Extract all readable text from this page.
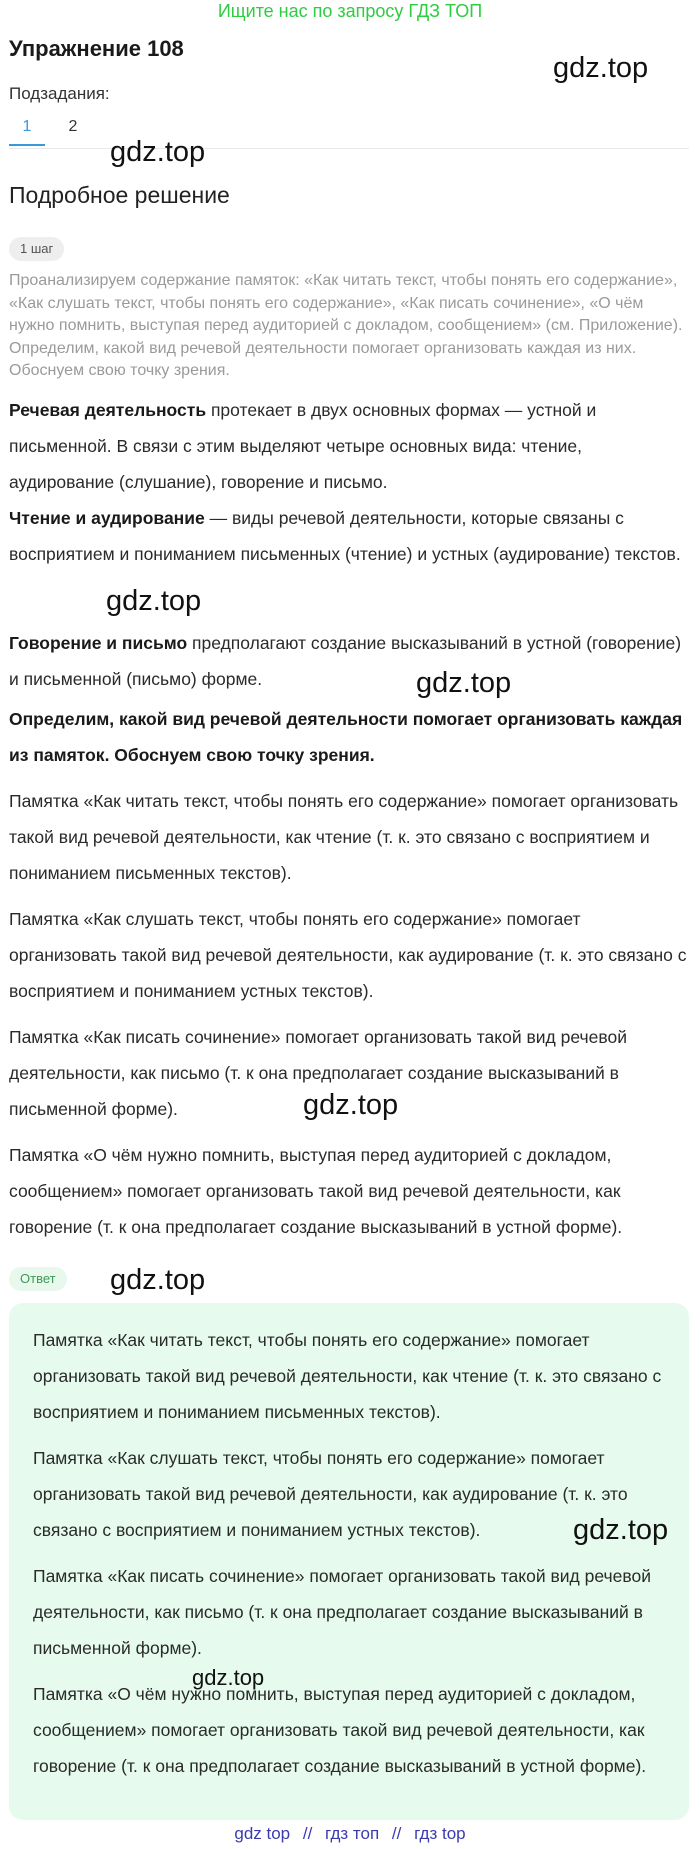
Ищите нас по запросу ГДЗ ТОП
Упражнение 108
Подзадания:
1	2
Подробное решение
1 шаг
Проанализируем содержание памяток: «Как читать текст, чтобы понять его содержание», «Как слушать текст, чтобы понять его содержание», «Как писать сочинение», «О чём нужно помнить, выступая перед аудиторией с докладом, сообщением» (см. Приложение). Определим, какой вид речевой деятельности помогает организовать каждая из них. Обоснуем свою точку зрения.

Речевая деятельность протекает в двух основных формах — устной и письменной. В связи с этим выделяют четыре основных вида: чтение, аудирование (слушание), говорение и письмо.

Чтение и аудирование — виды речевой деятельности, которые связаны с восприятием и пониманием письменных (чтение) и устных (аудирование) текстов.

Говорение и письмо предполагают создание высказываний в устной (говорение) и письменной (письмо) форме.

Определим, какой вид речевой деятельности помогает организовать каждая из памяток. Обоснуем свою точку зрения.

Памятка «Как читать текст, чтобы понять его содержание» помогает организовать такой вид речевой деятельности, как чтение (т. к. это связано с восприятием и пониманием письменных текстов).

Памятка «Как слушать текст, чтобы понять его содержание» помогает организовать такой вид речевой деятельности, как аудирование (т. к. это связано с восприятием и пониманием устных текстов).

Памятка «Как писать сочинение» помогает организовать такой вид речевой деятельности, как письмо (т. к она предполагает создание высказываний в письменной форме).

Памятка «О чём нужно помнить, выступая перед аудиторией с докладом, сообщением» помогает организовать такой вид речевой деятельности, как говорение (т. к она предполагает создание высказываний в устной форме).

Ответ

Памятка «Как читать текст, чтобы понять его содержание» помогает организовать такой вид речевой деятельности, как чтение (т. к. это связано с восприятием и пониманием письменных текстов).

Памятка «Как слушать текст, чтобы понять его содержание» помогает организовать такой вид речевой деятельности, как аудирование (т. к. это связано с восприятием и пониманием устных текстов).

Памятка «Как писать сочинение» помогает организовать такой вид речевой деятельности, как письмо (т. к она предполагает создание высказываний в письменной форме).

Памятка «О чём нужно помнить, выступая перед аудиторией с докладом, сообщением» помогает организовать такой вид речевой деятельности, как говорение (т. к она предполагает создание высказываний в устной форме).

gdz.top
gdz.top
gdz.top
gdz.top
gdz.top
gdz.top
gdz.top
gdz.top
gdz top // гдз топ // гдз top
